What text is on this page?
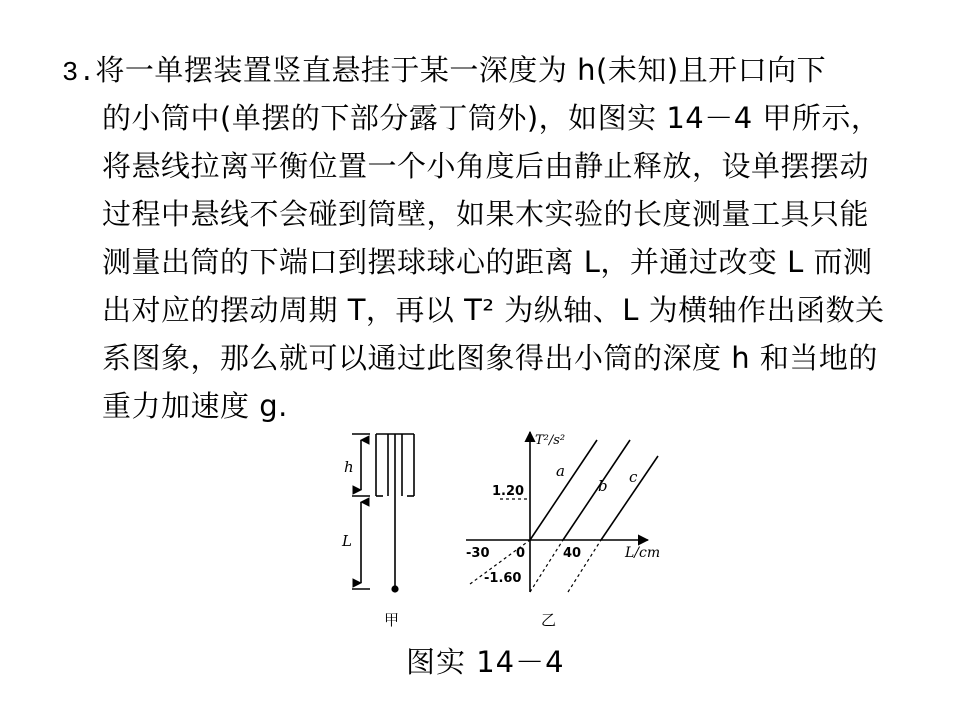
3.将一单摆装置竖直悬挂于某一深度为 h(未知)且开口向下
的小筒中(单摆的下部分露丁筒外)，如图实 14－4 甲所示，
将悬线拉离平衡位置一个小角度后由静止释放，设单摆摆动
过程中悬线不会碰到筒壁，如果木实验的长度测量工具只能
测量出筒的下端口到摆球球心的距离 L，并通过改变 L 而测
出对应的摆动周期 T，再以 T² 为纵轴、L 为横轴作出函数关
系图象，那么就可以通过此图象得出小筒的深度 h 和当地的
重力加速度 g.
h
L
甲
T²/s²
L/cm
1.20
-1.60
-30 0	40
a
b c
乙
图实 14－4
